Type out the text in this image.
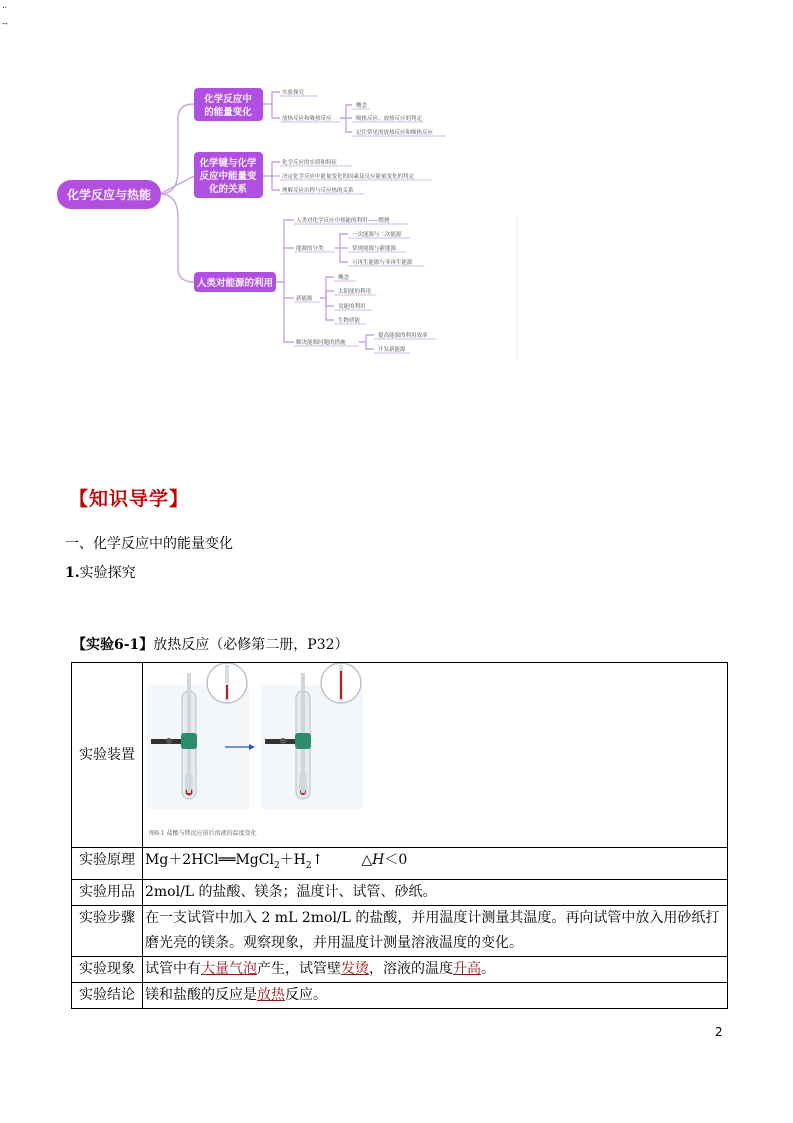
..
--
化学反应与热能
化学反应中
的能量变化
化学键与化学
反应中能量变
化的关系
人类对能源的利用
实验探究
放热反应和吸热反应
概念
吸热反应、放热反应的判定
记住常见的放热反应和吸热反应
化学反应的实质和特征
决定化学反应中能量变化的因素及反应能量变化的判定
理解反应历程与反应热的关系
人类对化学反应中热能的利用——燃烧
能源的分类
一次能源与二次能源
常规能源与新能源
可再生能源与非再生能源
新能源
概念
太阳能的利用
氢能的利用
生物质能
解决能源问题的措施
提高能源的利用效率
开发新能源
【知识导学】
一、化学反应中的能量变化
1.实验探究
【实验6-1】放热反应（必修第二册，P32）
实验装置	图6-1 盐酸与镁反应前后溶液的温度变化

实验原理	$Mg+2HCl══MgCl_2+H_2↑$ △H＜0
实验用品	2mol/L 的盐酸、镁条；温度计、试管、砂纸。
实验步骤	在一支试管中加入 2 mL 2mol/L 的盐酸，并用温度计测量其温度。再向试管中放入用砂纸打磨光亮的镁条。观察现象，并用温度计测量溶液温度的变化。
实验现象	试管中有大量气泡产生，试管壁发烫，溶液的温度升高。
实验结论	镁和盐酸的反应是放热反应。
·	2
